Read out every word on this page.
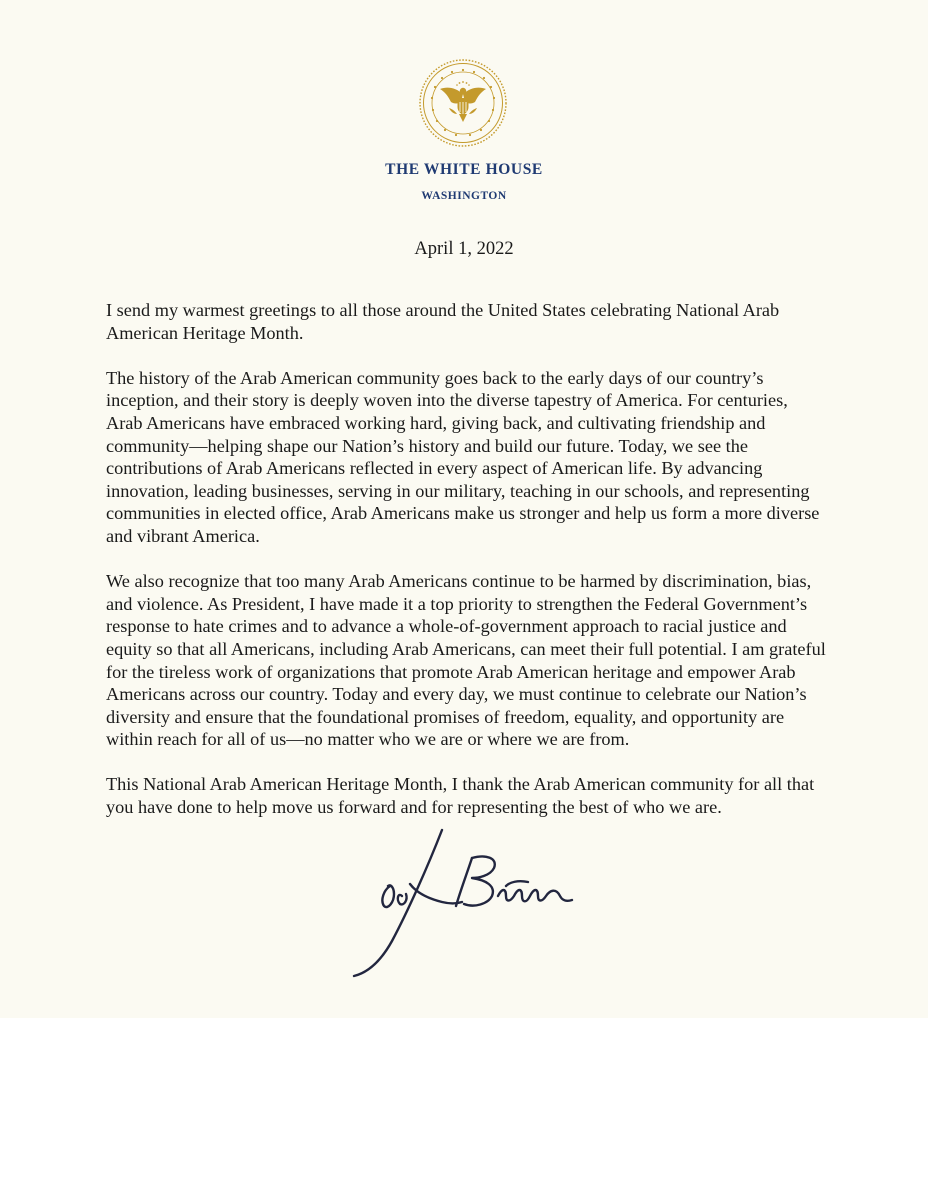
THE WHITE HOUSE
WASHINGTON
April 1, 2022

I send my warmest greetings to all those around the United States celebrating National Arab American Heritage Month.

The history of the Arab American community goes back to the early days of our country’s inception, and their story is deeply woven into the diverse tapestry of America. For centuries, Arab Americans have embraced working hard, giving back, and cultivating friendship and community—helping shape our Nation’s history and build our future. Today, we see the contributions of Arab Americans reflected in every aspect of American life. By advancing innovation, leading businesses, serving in our military, teaching in our schools, and representing communities in elected office, Arab Americans make us stronger and help us form a more diverse and vibrant America.

We also recognize that too many Arab Americans continue to be harmed by discrimination, bias, and violence. As President, I have made it a top priority to strengthen the Federal Government’s response to hate crimes and to advance a whole-of-government approach to racial justice and equity so that all Americans, including Arab Americans, can meet their full potential. I am grateful for the tireless work of organizations that promote Arab American heritage and empower Arab Americans across our country. Today and every day, we must continue to celebrate our Nation’s diversity and ensure that the foundational promises of freedom, equality, and opportunity are within reach for all of us—no matter who we are or where we are from.

This National Arab American Heritage Month, I thank the Arab American community for all that you have done to help move us forward and for representing the best of who we are.
